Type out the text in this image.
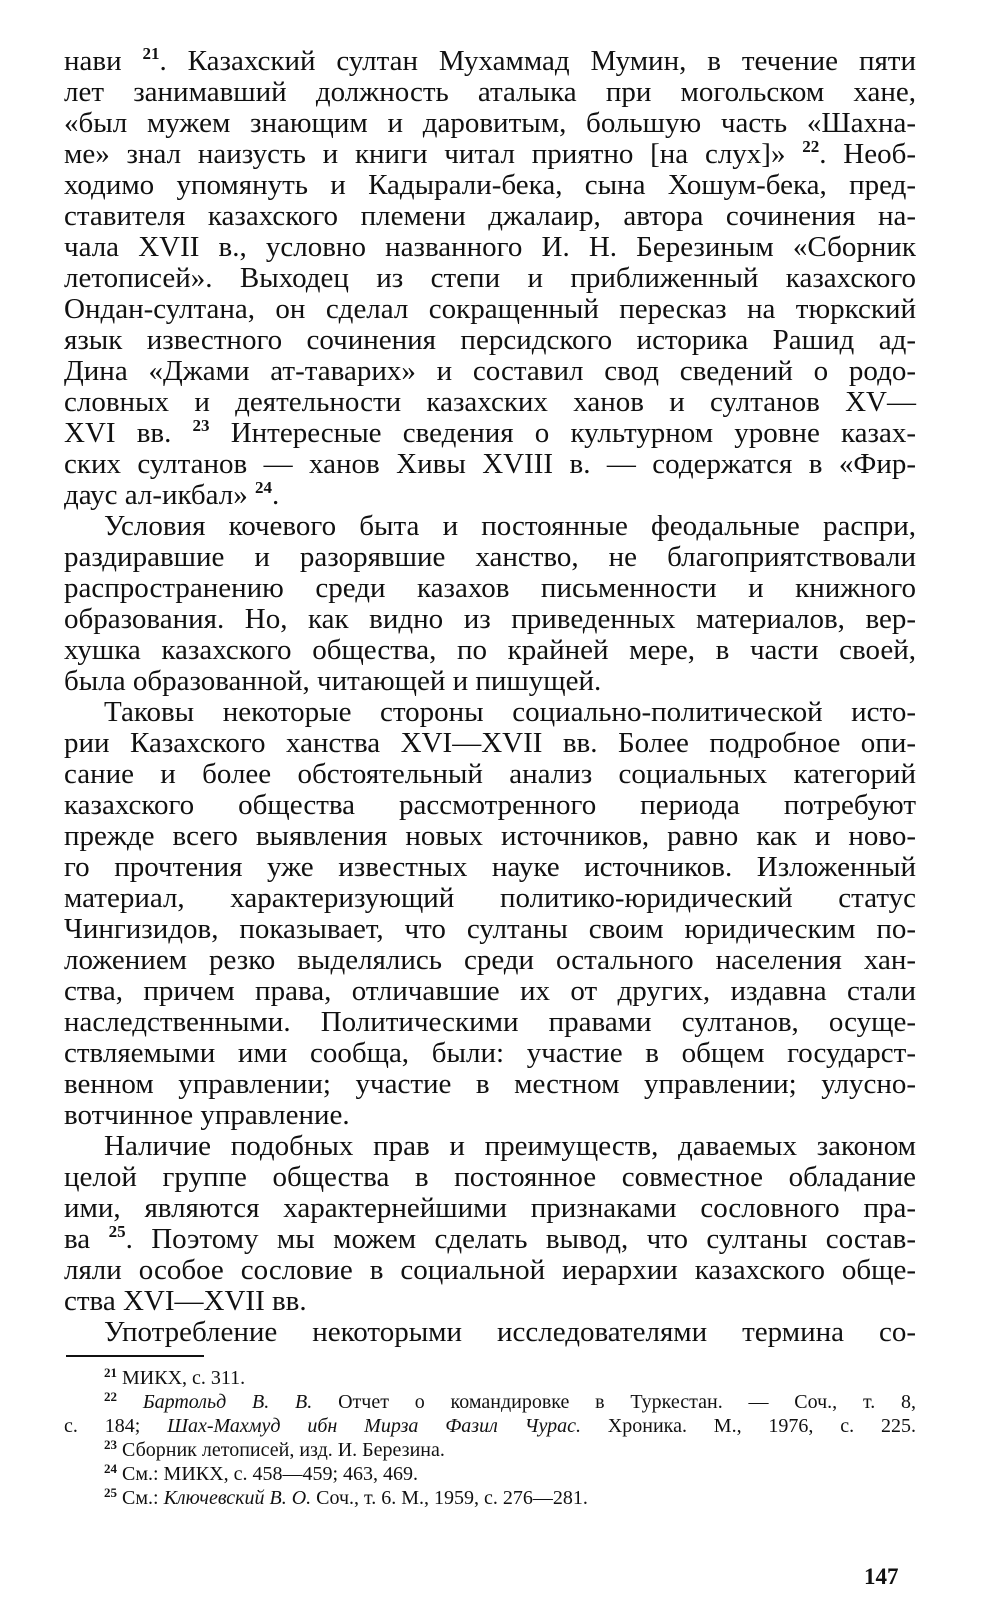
нави $^{21}$. Казахский султан Мухаммад Мумин, в течение пяти
лет занимавший должность аталыка при могольском хане,
«был мужем знающим и даровитым, большую часть «Шахна-
ме» знал наизусть и книги читал приятно [на слух]» $^{22}$. Необ-
ходимо упомянуть и Кадырали-бека, сына Хошум-бека, пред-
ставителя казахского племени джалаир, автора сочинения на-
чала XVII в., условно названного И. Н. Березиным «Сборник
летописей». Выходец из степи и приближенный казахского
Ондан-султана, он сделал сокращенный пересказ на тюркский
язык известного сочинения персидского историка Рашид ад-
Дина «Джами ат-таварих» и составил свод сведений о родо-
словных и деятельности казахских ханов и султанов XV—
XVI вв. $^{23}$ Интересные сведения о культурном уровне казах-
ских султанов — ханов Хивы XVIII в. — содержатся в «Фир-
даус ал-икбал» $^{24}$.
Условия кочевого быта и постоянные феодальные распри,
раздиравшие и разорявшие ханство, не благоприятствовали
распространению среди казахов письменности и книжного
образования. Но, как видно из приведенных материалов, вер-
хушка казахского общества, по крайней мере, в части своей,
была образованной, читающей и пишущей.
Таковы некоторые стороны социально-политической исто-
рии Казахского ханства XVI—XVII вв. Более подробное опи-
сание и более обстоятельный анализ социальных категорий
казахского общества рассмотренного периода потребуют
прежде всего выявления новых источников, равно как и ново-
го прочтения уже известных науке источников. Изложенный
материал, характеризующий политико-юридический статус
Чингизидов, показывает, что султаны своим юридическим по-
ложением резко выделялись среди остального населения хан-
ства, причем права, отличавшие их от других, издавна стали
наследственными. Политическими правами султанов, осуще-
ствляемыми ими сообща, были: участие в общем государст-
венном управлении; участие в местном управлении; улусно-
вотчинное управление.
Наличие подобных прав и преимуществ, даваемых законом
целой группе общества в постоянное совместное обладание
ими, являются характернейшими признаками сословного пра-
ва $^{25}$. Поэтому мы можем сделать вывод, что султаны состав-
ляли особое сословие в социальной иерархии казахского обще-
ства XVI—XVII вв.
Употребление некоторыми исследователями термина со-
$^{21}$ МИКХ, с. 311.
$^{22}$ Бартольд В. В. Отчет о командировке в Туркестан. — Соч., т. 8,
с. 184; Шах-Махмуд ибн Мирза Фазил Чурас. Хроника. М., 1976, с. 225.
$^{23}$ Сборник летописей, изд. И. Березина.
$^{24}$ См.: МИКХ, с. 458—459; 463, 469.
$^{25}$ См.: Ключевский В. О. Соч., т. 6. М., 1959, с. 276—281.
147
